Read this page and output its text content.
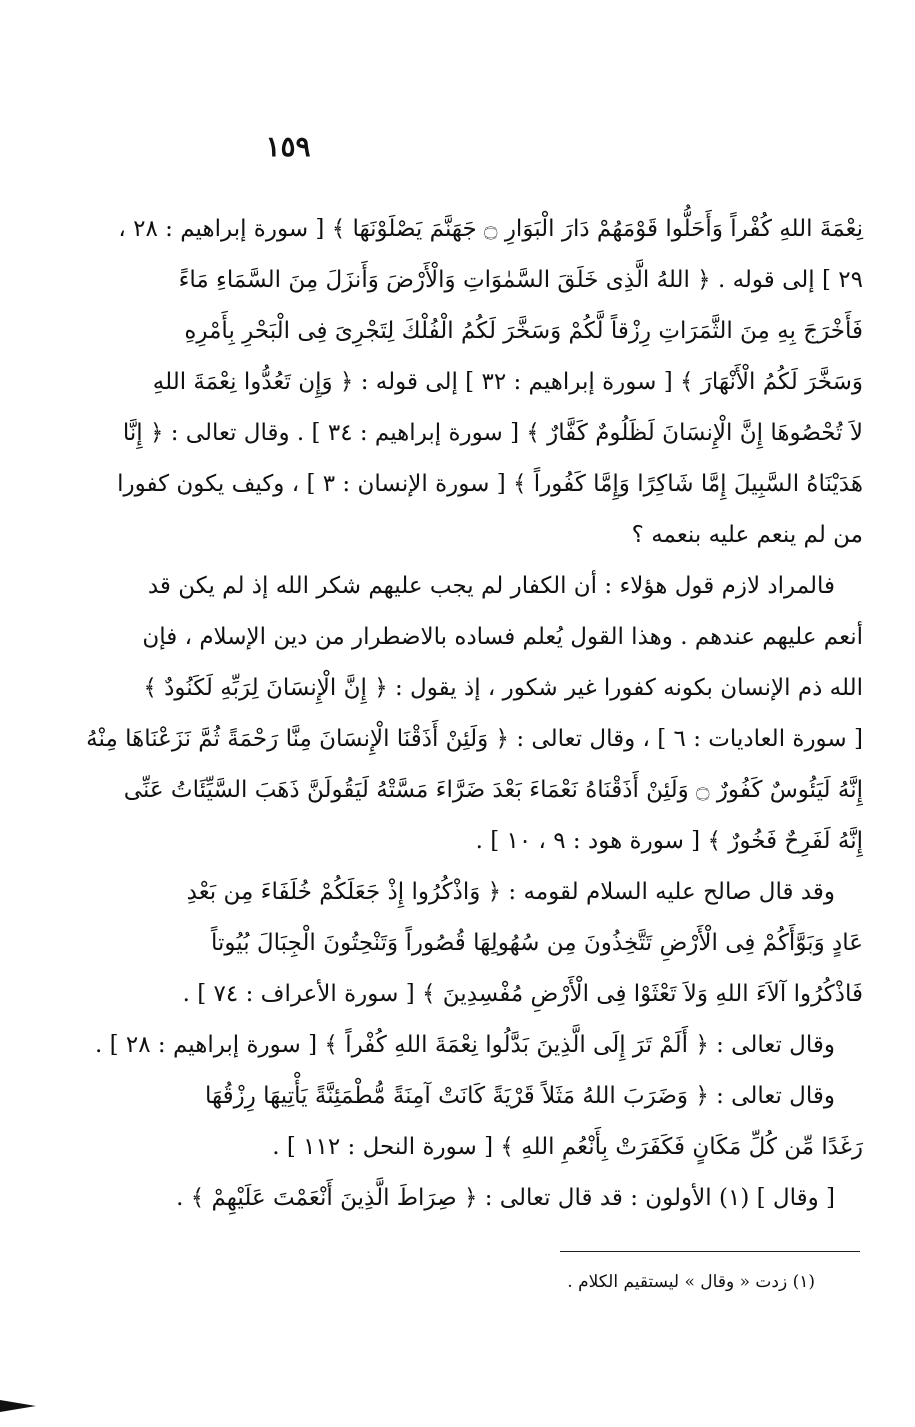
١٥٩
نِعْمَةَ اللهِ كُفْراً وَأَحَلُّوا قَوْمَهُمْ دَارَ الْبَوَارِ ۝ جَهَنَّمَ يَصْلَوْنَهَا ﴾ [ سورة إبراهيم : ٢٨ ،
٢٩ ] إلى قوله . ﴿ اللهُ الَّذِى خَلَقَ السَّمٰوَاتِ وَالْأَرْضَ وَأَنزَلَ مِنَ السَّمَاءِ مَاءً
فَأَخْرَجَ بِهِ مِنَ الثَّمَرَاتِ رِزْقاً لَّكُمْ وَسَخَّرَ لَكُمُ الْفُلْكَ لِتَجْرِىَ فِى الْبَحْرِ بِأَمْرِهِ
وَسَخَّرَ لَكُمُ الْأَنْهَارَ ﴾ [ سورة إبراهيم : ٣٢ ] إلى قوله : ﴿ وَإِن تَعُدُّوا نِعْمَةَ اللهِ
لاَ تُحْصُوهَا إِنَّ الْإِنسَانَ لَظَلُومٌ كَفَّارٌ ﴾ [ سورة إبراهيم : ٣٤ ] . وقال تعالى : ﴿ إِنَّا
هَدَيْنَاهُ السَّبِيلَ إِمَّا شَاكِرًا وَإِمَّا كَفُوراً ﴾ [ سورة الإنسان : ٣ ] ، وكيف يكون كفورا
من لم ينعم عليه بنعمه ؟
فالمراد لازم قول هؤلاء : أن الكفار لم يجب عليهم شكر الله إذ لم يكن قد
أنعم عليهم عندهم . وهذا القول يُعلم فساده بالاضطرار من دين الإسلام ، فإن
الله ذم الإنسان بكونه كفورا غير شكور ، إذ يقول : ﴿ إِنَّ الْإِنسَانَ لِرَبِّهِ لَكَنُودٌ ﴾
[ سورة العاديات : ٦ ] ، وقال تعالى : ﴿ وَلَئِنْ أَذَقْنَا الْإِنسَانَ مِنَّا رَحْمَةً ثُمَّ نَزَعْنَاهَا مِنْهُ
إِنَّهُ لَيَئُوسٌ كَفُورٌ ۝ وَلَئِنْ أَذَقْنَاهُ نَعْمَاءَ بَعْدَ ضَرَّاءَ مَسَّتْهُ لَيَقُولَنَّ ذَهَبَ السَّيِّئَاتُ عَنِّى
إِنَّهُ لَفَرِحٌ فَخُورٌ ﴾ [ سورة هود : ٩ ، ١٠ ] .
وقد قال صالح عليه السلام لقومه : ﴿ وَاذْكُرُوا إِذْ جَعَلَكُمْ خُلَفَاءَ مِن بَعْدِ
عَادٍ وَبَوَّأَكُمْ فِى الْأَرْضِ تَتَّخِذُونَ مِن سُهُولِهَا قُصُوراً وَتَنْحِتُونَ الْجِبَالَ بُيُوتاً
فَاذْكُرُوا آلاَءَ اللهِ وَلاَ تَعْثَوْا فِى الْأَرْضِ مُفْسِدِينَ ﴾ [ سورة الأعراف : ٧٤ ] .
وقال تعالى : ﴿ أَلَمْ تَرَ إِلَى الَّذِينَ بَدَّلُوا نِعْمَةَ اللهِ كُفْراً ﴾ [ سورة إبراهيم : ٢٨ ] .
وقال تعالى : ﴿ وَضَرَبَ اللهُ مَثَلاً قَرْيَةً كَانَتْ آمِنَةً مُّطْمَئِنَّةً يَأْتِيهَا رِزْقُهَا
رَغَدًا مِّن كُلِّ مَكَانٍ فَكَفَرَتْ بِأَنْعُمِ اللهِ ﴾ [ سورة النحل : ١١٢ ] .
[ وقال ] (١) الأولون : قد قال تعالى : ﴿ صِرَاطَ الَّذِينَ أَنْعَمْتَ عَلَيْهِمْ ﴾ .
(١) زدت « وقال » ليستقيم الكلام .
